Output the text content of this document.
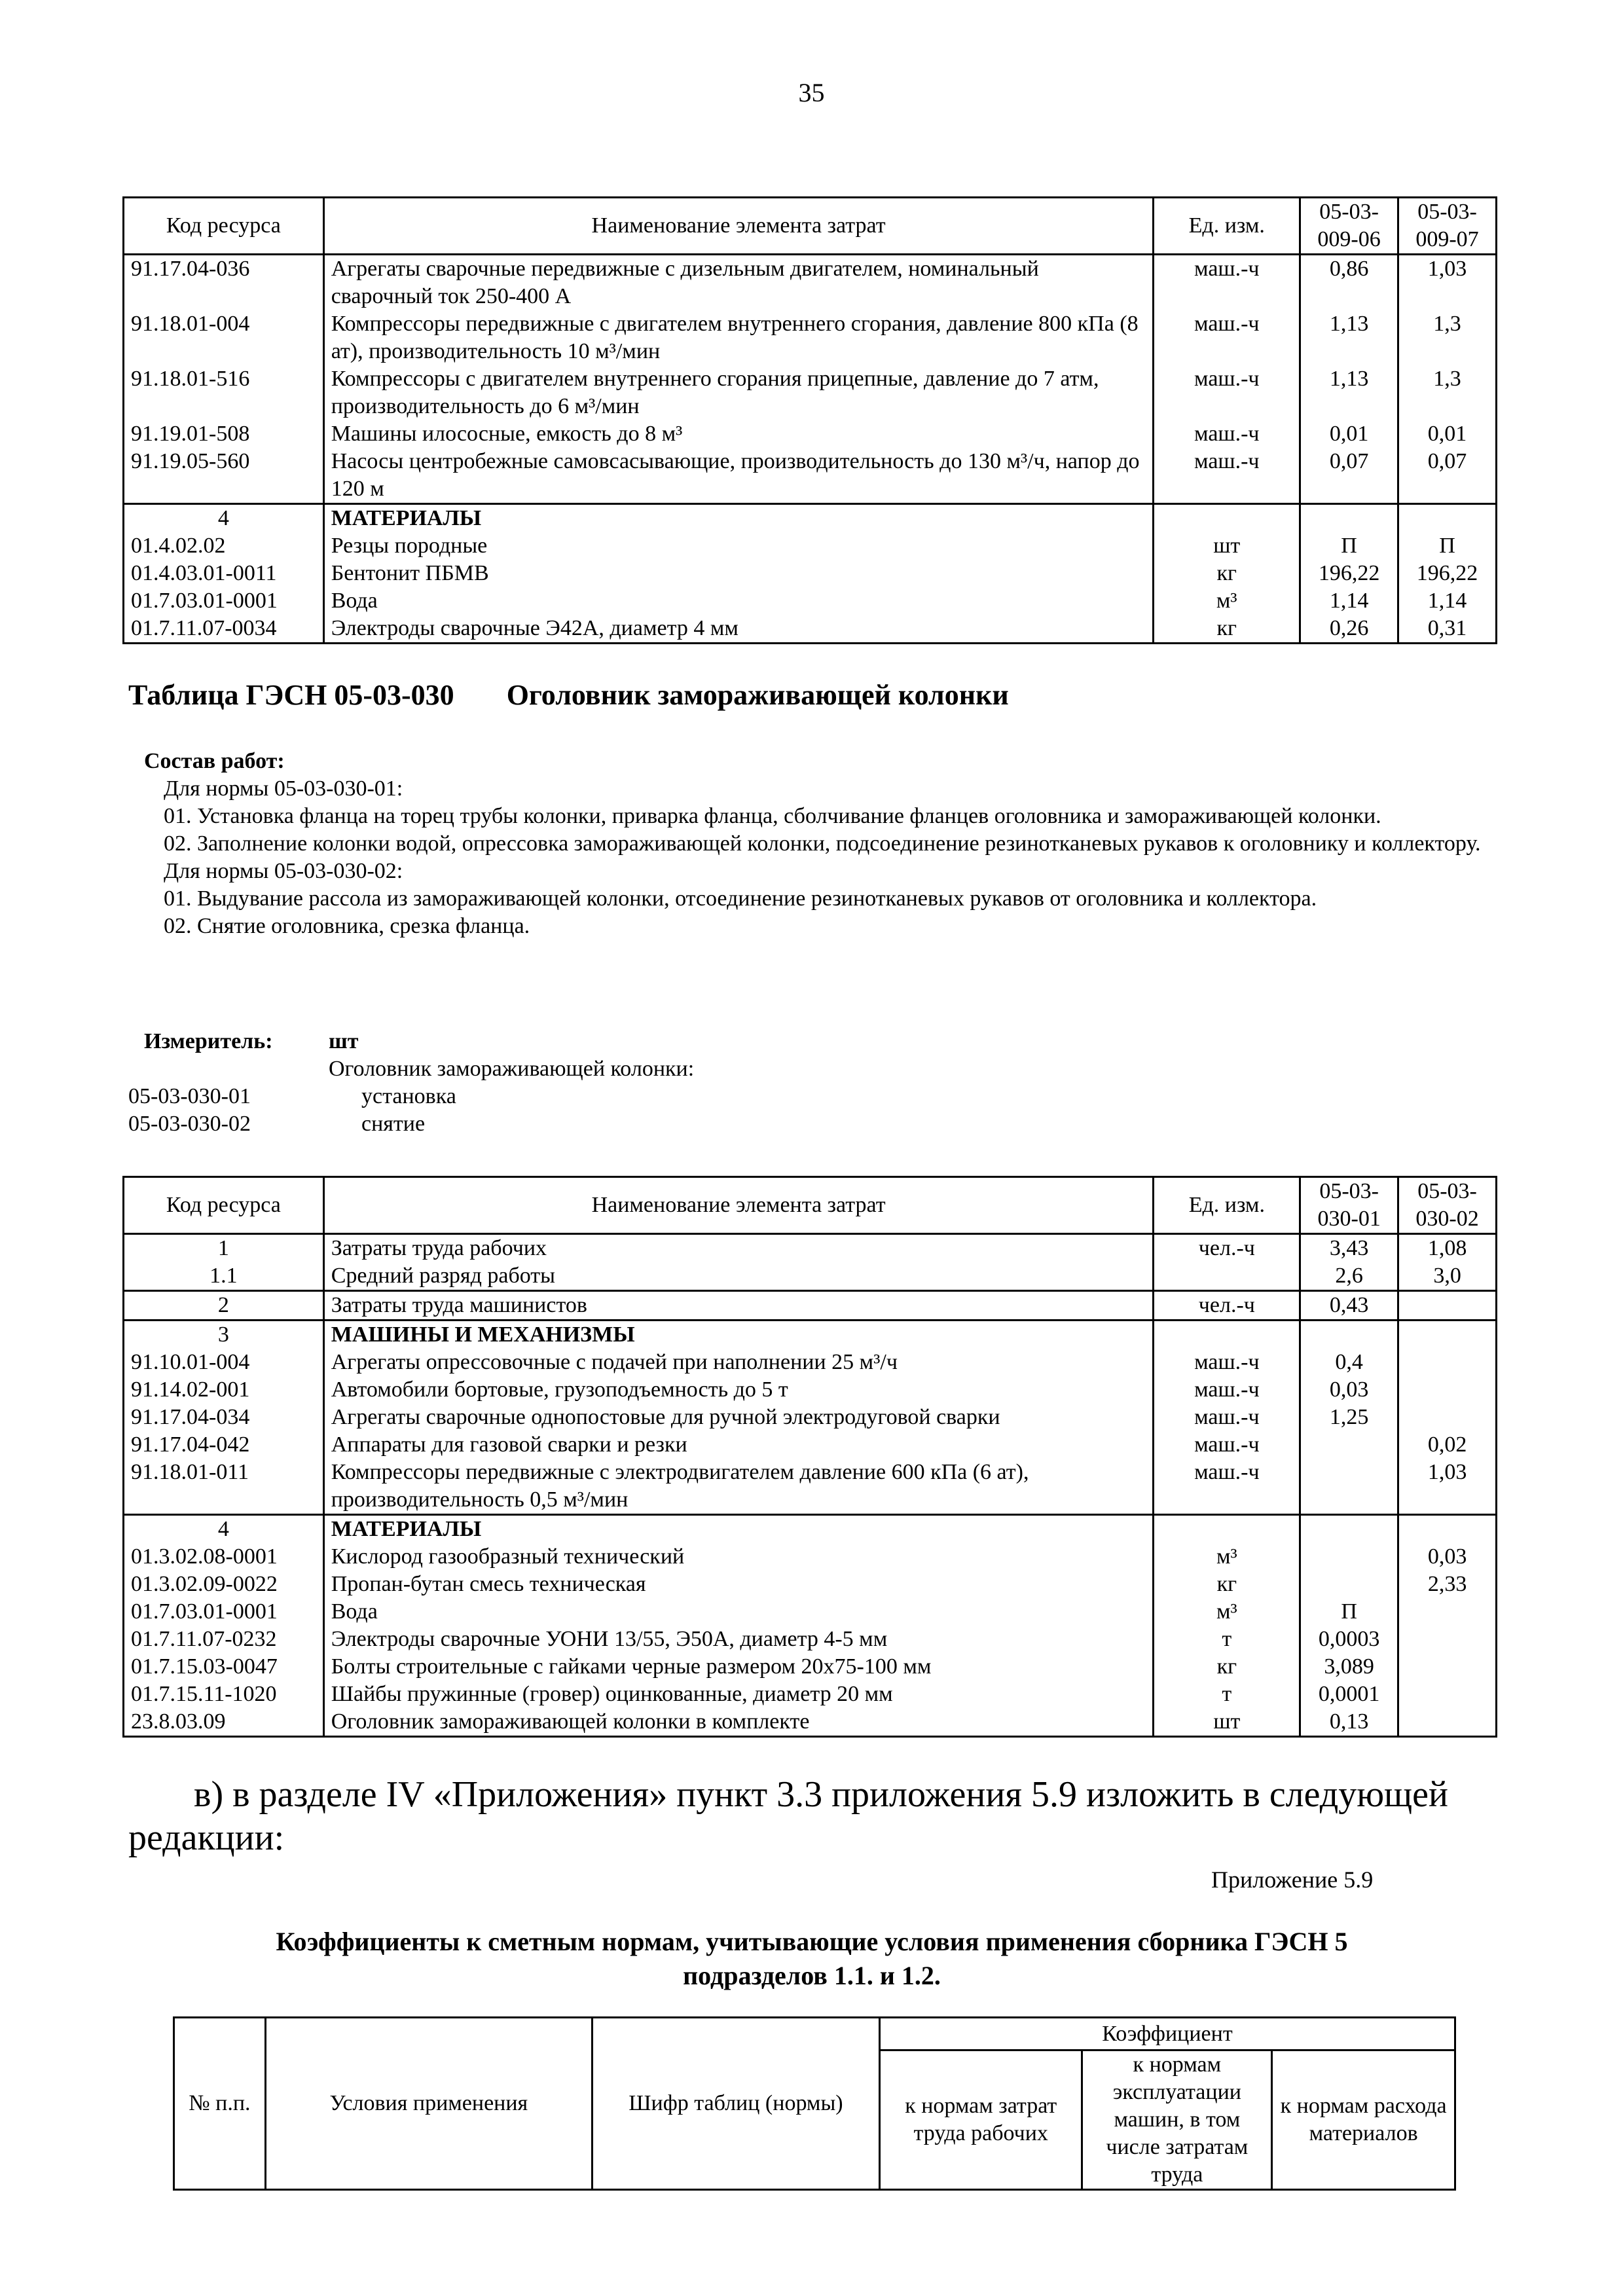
35
Код ресурса	Наименование элемента затрат	Ед. изм.	05-03-009-06	05-03-009-07
91.17.04-036	Агрегаты сварочные передвижные с дизельным двигателем, номинальный сварочный ток 250-400 А	маш.-ч	0,86	1,03
91.18.01-004	Компрессоры передвижные с двигателем внутреннего сгорания, давление 800 кПа (8 ат), производительность 10 м³/мин	маш.-ч	1,13	1,3
91.18.01-516	Компрессоры с двигателем внутреннего сгорания прицепные, давление до 7 атм, производительность до 6 м³/мин	маш.-ч	1,13	1,3
91.19.01-508	Машины илососные, емкость до 8 м³	маш.-ч	0,01	0,01
91.19.05-560	Насосы центробежные самовсасывающие, производительность до 130 м³/ч, напор до 120 м	маш.-ч	0,07	0,07
4	МАТЕРИАЛЫ			
01.4.02.02	Резцы породные	шт	П	П
01.4.03.01-0011	Бентонит ПБМВ	кг	196,22	196,22
01.7.03.01-0001	Вода	м³	1,14	1,14
01.7.11.07-0034	Электроды сварочные Э42А, диаметр 4 мм	кг	0,26	0,31
Таблица ГЭСН 05-03-030 Оголовник замораживающей колонки
Состав работ:
Для нормы 05-03-030-01:
01. Установка фланца на торец трубы колонки, приварка фланца, сболчивание фланцев оголовника и замораживающей колонки.
02. Заполнение колонки водой, опрессовка замораживающей колонки, подсоединение резинотканевых рукавов к оголовнику и коллектору.
Для нормы 05-03-030-02:
01. Выдувание рассола из замораживающей колонки, отсоединение резинотканевых рукавов от оголовника и коллектора.
02. Снятие оголовника, срезка фланца.
Измеритель:	шт
Оголовник замораживающей колонки:
05-03-030-01	установка
05-03-030-02	снятие
Код ресурса	Наименование элемента затрат	Ед. изм.	05-03-030-01	05-03-030-02
1	Затраты труда рабочих	чел.-ч	3,43	1,08
1.1	Средний разряд работы		2,6	3,0
2	Затраты труда машинистов	чел.-ч	0,43	
3	МАШИНЫ И МЕХАНИЗМЫ			
91.10.01-004	Агрегаты опрессовочные с подачей при наполнении 25 м³/ч	маш.-ч	0,4	
91.14.02-001	Автомобили бортовые, грузоподъемность до 5 т	маш.-ч	0,03	
91.17.04-034	Агрегаты сварочные однопостовые для ручной электродуговой сварки	маш.-ч	1,25	
91.17.04-042	Аппараты для газовой сварки и резки	маш.-ч		0,02
91.18.01-011	Компрессоры передвижные с электродвигателем давление 600 кПа (6 ат), производительность 0,5 м³/мин	маш.-ч		1,03
4	МАТЕРИАЛЫ			
01.3.02.08-0001	Кислород газообразный технический	м³		0,03
01.3.02.09-0022	Пропан-бутан смесь техническая	кг		2,33
01.7.03.01-0001	Вода	м³	П	
01.7.11.07-0232	Электроды сварочные УОНИ 13/55, Э50А, диаметр 4-5 мм	т	0,0003	
01.7.15.03-0047	Болты строительные с гайками черные размером 20х75-100 мм	кг	3,089	
01.7.15.11-1020	Шайбы пружинные (гровер) оцинкованные, диаметр 20 мм	т	0,0001	
23.8.03.09	Оголовник замораживающей колонки в комплекте	шт	0,13	
в) в разделе IV «Приложения» пункт 3.3 приложения 5.9 изложить в следующей редакции:
Приложение 5.9
Коэффициенты к сметным нормам, учитывающие условия применения сборника ГЭСН 5
подразделов 1.1. и 1.2.
№ п.п.	Условия применения	Шифр таблиц (нормы)	Коэффициент		
			к нормам затрат труда рабочих	к нормам эксплуатации машин, в том числе затратам труда	к нормам расхода материалов
